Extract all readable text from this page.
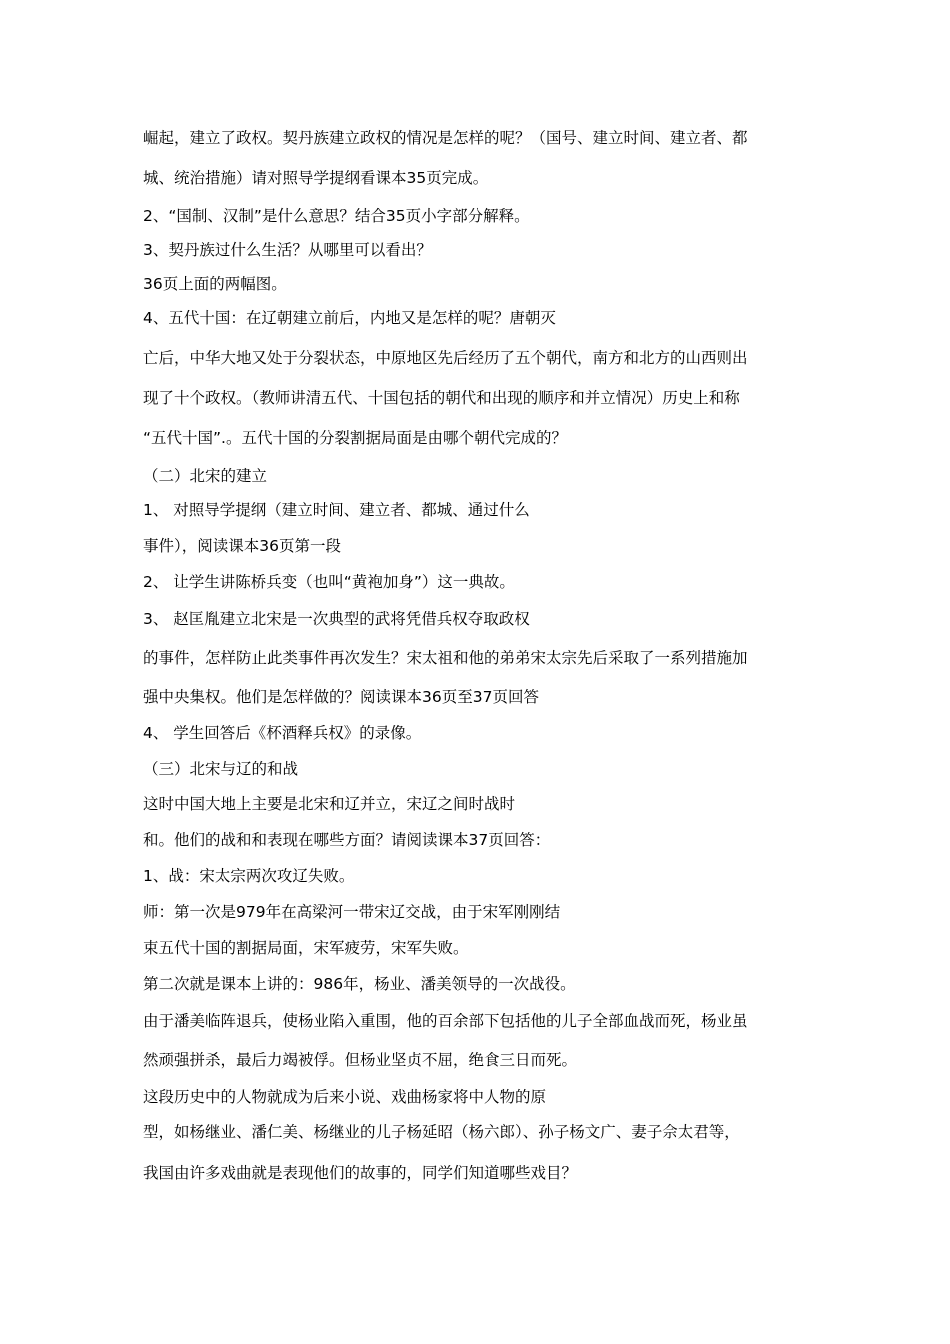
崛起，建立了政权。契丹族建立政权的情况是怎样的呢？（国号、建立时间、建立者、都
城、统治措施）请对照导学提纲看课本35页完成。
2、“国制、汉制”是什么意思？结合35页小字部分解释。
3、契丹族过什么生活？从哪里可以看出？
36页上面的两幅图。
4、五代十国：在辽朝建立前后，内地又是怎样的呢？唐朝灭
亡后，中华大地又处于分裂状态，中原地区先后经历了五个朝代，南方和北方的山西则出
现了十个政权。（教师讲清五代、十国包括的朝代和出现的顺序和并立情况）历史上和称
“五代十国”.。五代十国的分裂割据局面是由哪个朝代完成的？
（二）北宋的建立
1、 对照导学提纲（建立时间、建立者、都城、通过什么
事件），阅读课本36页第一段
2、 让学生讲陈桥兵变（也叫“黄袍加身”）这一典故。
3、 赵匡胤建立北宋是一次典型的武将凭借兵权夺取政权
的事件，怎样防止此类事件再次发生？宋太祖和他的弟弟宋太宗先后采取了一系列措施加
强中央集权。他们是怎样做的？阅读课本36页至37页回答
4、 学生回答后《杯酒释兵权》的录像。
（三）北宋与辽的和战
这时中国大地上主要是北宋和辽并立，宋辽之间时战时
和。他们的战和和表现在哪些方面？请阅读课本37页回答：
1、战：宋太宗两次攻辽失败。
师：第一次是979年在高梁河一带宋辽交战，由于宋军刚刚结
束五代十国的割据局面，宋军疲劳，宋军失败。
第二次就是课本上讲的：986年，杨业、潘美领导的一次战役。
由于潘美临阵退兵，使杨业陷入重围，他的百余部下包括他的儿子全部血战而死，杨业虽
然顽强拼杀，最后力竭被俘。但杨业坚贞不屈，绝食三日而死。
这段历史中的人物就成为后来小说、戏曲杨家将中人物的原
型，如杨继业、潘仁美、杨继业的儿子杨延昭（杨六郎）、孙子杨文广、妻子佘太君等，
我国由许多戏曲就是表现他们的故事的，同学们知道哪些戏目？
